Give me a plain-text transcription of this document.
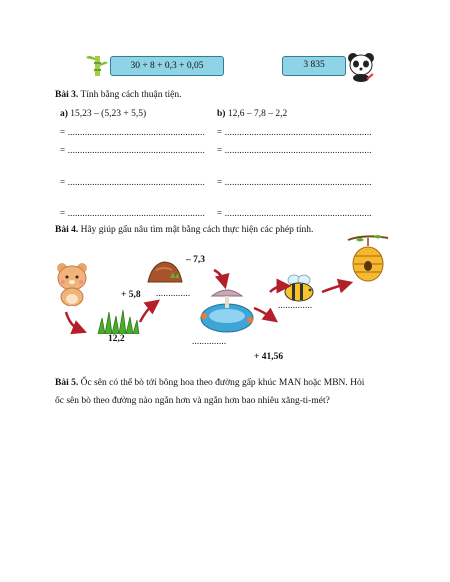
30 + 8 + 0,3 + 0,05	3 835
Bài 3. Tính bằng cách thuận tiện.
a) 15,23 – (5,23 + 5,5)	b) 12,6 – 7,8 – 2,2
= ........................................................
= ........................................................
= ........................................................
= ........................................................
= ............................................................
= ............................................................
= ............................................................
= ............................................................
Bài 4. Hãy giúp gấu nâu tìm mật bằng cách thực hiện các phép tính.
12,2
– 7,3
+ 5,8 ..............
..............
+ 41,56
..............
Bài 5. Ốc sên có thể bò tới bông hoa theo đường gấp khúc MAN hoặc MBN. Hỏi
ốc sên bò theo đường nào ngắn hơn và ngắn hơn bao nhiêu xăng-ti-mét?
